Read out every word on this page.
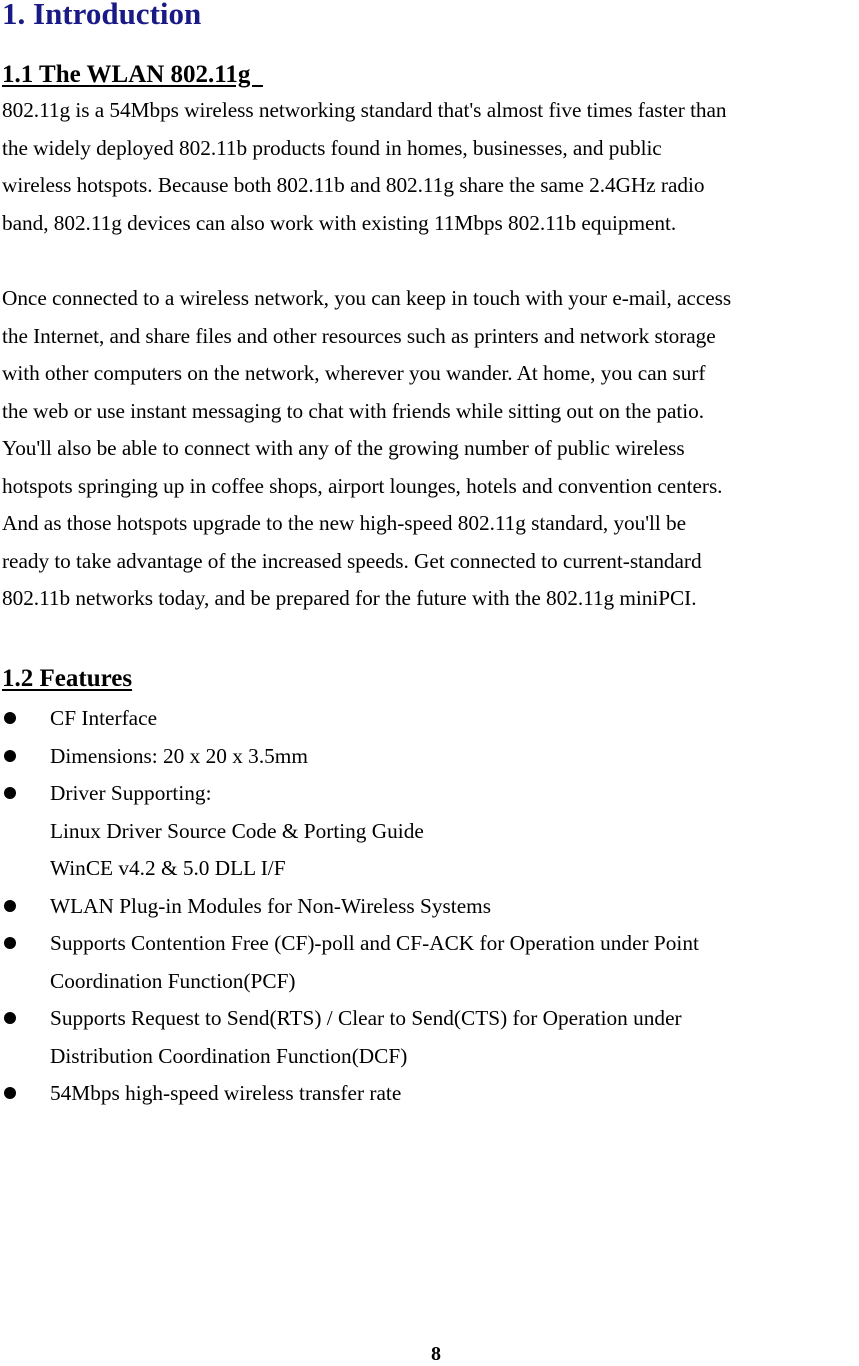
1. Introduction
1.1 The WLAN 802.11g

802.11g is a 54Mbps wireless networking standard that's almost five times faster than
the widely deployed 802.11b products found in homes, businesses, and public
wireless hotspots. Because both 802.11b and 802.11g share the same 2.4GHz radio
band, 802.11g devices can also work with existing 11Mbps 802.11b equipment.

Once connected to a wireless network, you can keep in touch with your e-mail, access
the Internet, and share files and other resources such as printers and network storage
with other computers on the network, wherever you wander. At home, you can surf
the web or use instant messaging to chat with friends while sitting out on the patio.
You'll also be able to connect with any of the growing number of public wireless
hotspots springing up in coffee shops, airport lounges, hotels and convention centers.
And as those hotspots upgrade to the new high-speed 802.11g standard, you'll be
ready to take advantage of the increased speeds. Get connected to current-standard
802.11b networks today, and be prepared for the future with the 802.11g miniPCI.

1.2 Features
CF Interface
Dimensions: 20 x 20 x 3.5mm
Driver Supporting:
Linux Driver Source Code & Porting Guide
WinCE v4.2 & 5.0 DLL I/F
WLAN Plug-in Modules for Non-Wireless Systems
Supports Contention Free (CF)-poll and CF-ACK for Operation under Point
Coordination Function(PCF)
Supports Request to Send(RTS) / Clear to Send(CTS) for Operation under
Distribution Coordination Function(DCF)
54Mbps high-speed wireless transfer rate
8
